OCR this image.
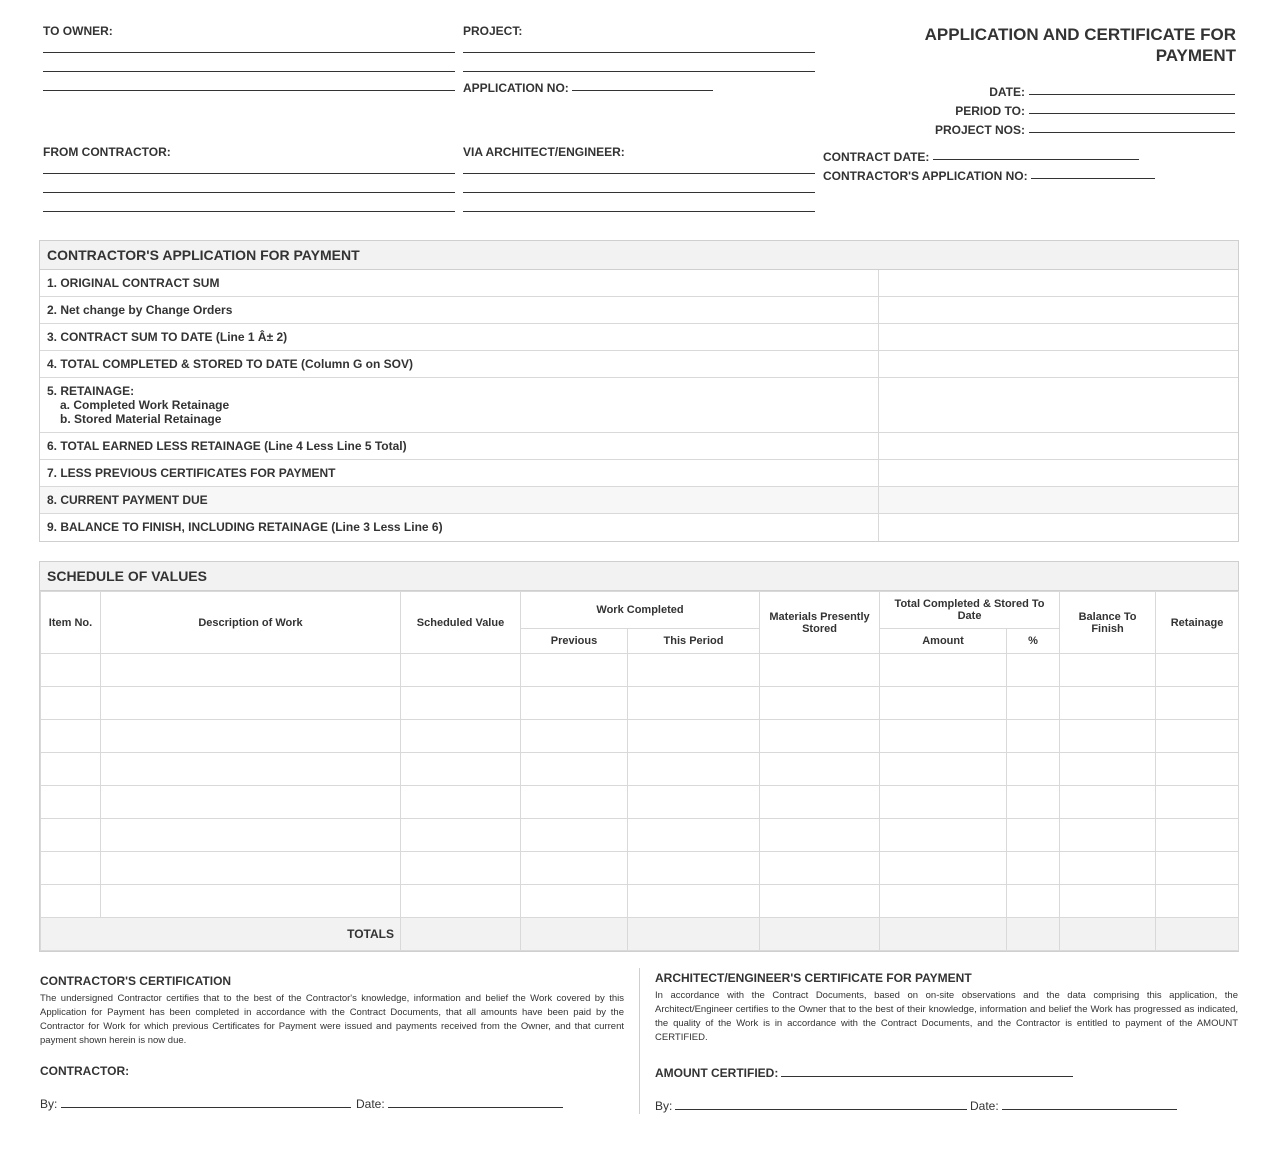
TO OWNER:	PROJECT:
APPLICATION NO:
APPLICATION AND CERTIFICATE FOR PAYMENT
DATE:
PERIOD TO:
PROJECT NOS:
FROM CONTRACTOR:	VIA ARCHITECT/ENGINEER:	CONTRACT DATE:
CONTRACTOR'S APPLICATION NO:
CONTRACTOR'S APPLICATION FOR PAYMENT
1. ORIGINAL CONTRACT SUM
2. Net change by Change Orders
3. CONTRACT SUM TO DATE (Line 1 Â± 2)
4. TOTAL COMPLETED & STORED TO DATE (Column G on SOV)
5. RETAINAGE:
a. Completed Work Retainage
b. Stored Material Retainage
6. TOTAL EARNED LESS RETAINAGE (Line 4 Less Line 5 Total)
7. LESS PREVIOUS CERTIFICATES FOR PAYMENT
8. CURRENT PAYMENT DUE
9. BALANCE TO FINISH, INCLUDING RETAINAGE (Line 3 Less Line 6)
SCHEDULE OF VALUES
Item No.	Description of Work	Scheduled Value	Work Completed		Materials Presently Stored	Total Completed & Stored To Date		Balance To Finish	Retainage
			Previous	This Period		Amount	%		

TOTALS									
CONTRACTOR'S CERTIFICATION
The undersigned Contractor certifies that to the best of the Contractor's knowledge, information and belief the Work covered by this Application for Payment has been completed in accordance with the Contract Documents, that all amounts have been paid by the Contractor for Work for which previous Certificates for Payment were issued and payments received from the Owner, and that current payment shown herein is now due.
CONTRACTOR:
By:	Date:
ARCHITECT/ENGINEER'S CERTIFICATE FOR PAYMENT
In accordance with the Contract Documents, based on on-site observations and the data comprising this application, the Architect/Engineer certifies to the Owner that to the best of their knowledge, information and belief the Work has progressed as indicated, the quality of the Work is in accordance with the Contract Documents, and the Contractor is entitled to payment of the AMOUNT CERTIFIED.
AMOUNT CERTIFIED:
By:	Date:
